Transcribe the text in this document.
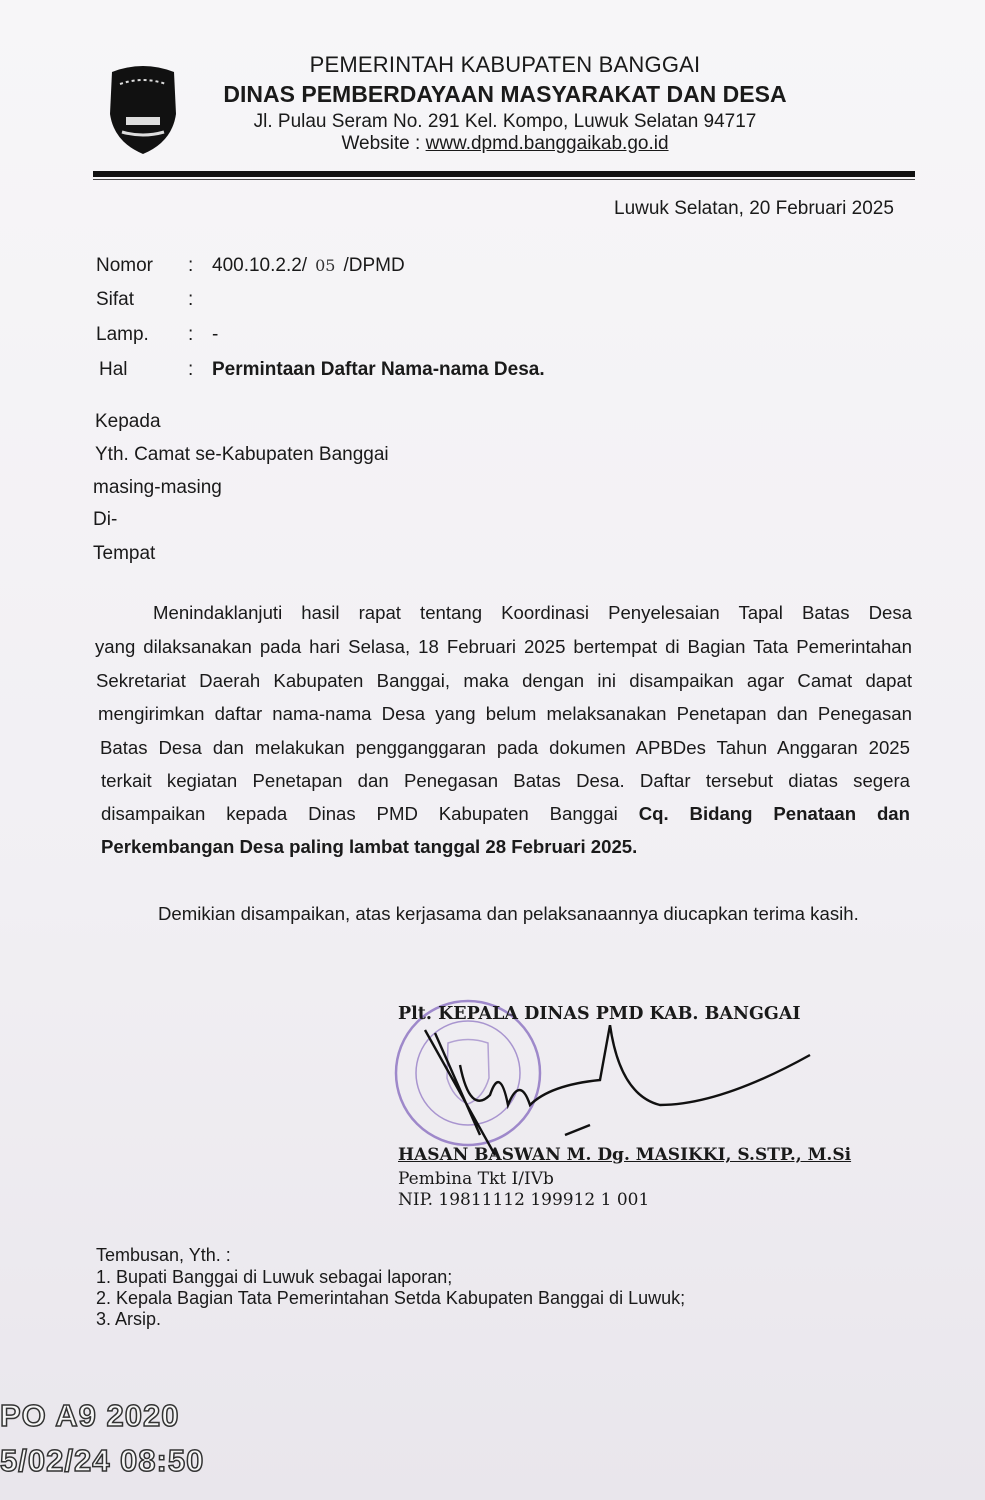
PEMERINTAH KABUPATEN BANGGAI
DINAS PEMBERDAYAAN MASYARAKAT DAN DESA
Jl. Pulau Seram No. 291 Kel. Kompo, Luwuk Selatan 94717
Website : www.dpmd.banggaikab.go.id
Luwuk Selatan, 20 Februari 2025
Nomor : 400.10.2.2/ 05 /DPMD
Sifat	:
Lamp. : -
Hal	: Permintaan Daftar Nama-nama Desa.
Kepada
Yth. Camat se-Kabupaten Banggai
masing-masing
Di-
Tempat
Menindaklanjuti hasil rapat tentang Koordinasi Penyelesaian Tapal Batas Desa
yang dilaksanakan pada hari Selasa, 18 Februari 2025 bertempat di Bagian Tata Pemerintahan
Sekretariat Daerah Kabupaten Banggai, maka dengan ini disampaikan agar Camat dapat
mengirimkan daftar nama-nama Desa yang belum melaksanakan Penetapan dan Penegasan
Batas Desa dan melakukan pengganggaran pada dokumen APBDes Tahun Anggaran 2025
terkait kegiatan Penetapan dan Penegasan Batas Desa. Daftar tersebut diatas segera
disampaikan kepada Dinas PMD Kabupaten Banggai Cq. Bidang Penataan dan
Perkembangan Desa paling lambat tanggal 28 Februari 2025.
Demikian disampaikan, atas kerjasama dan pelaksanaannya diucapkan terima kasih.
Plt. KEPALA DINAS PMD KAB. BANGGAI
HASAN BASWAN M. Dg. MASIKKI, S.STP., M.Si
Pembina Tkt I/IVb
NIP. 19811112 199912 1 001
Tembusan, Yth. :
1. Bupati Banggai di Luwuk sebagai laporan;
2. Kepala Bagian Tata Pemerintahan Setda Kabupaten Banggai di Luwuk;
3. Arsip.
PO A9 2020
5/02/24 08:50
